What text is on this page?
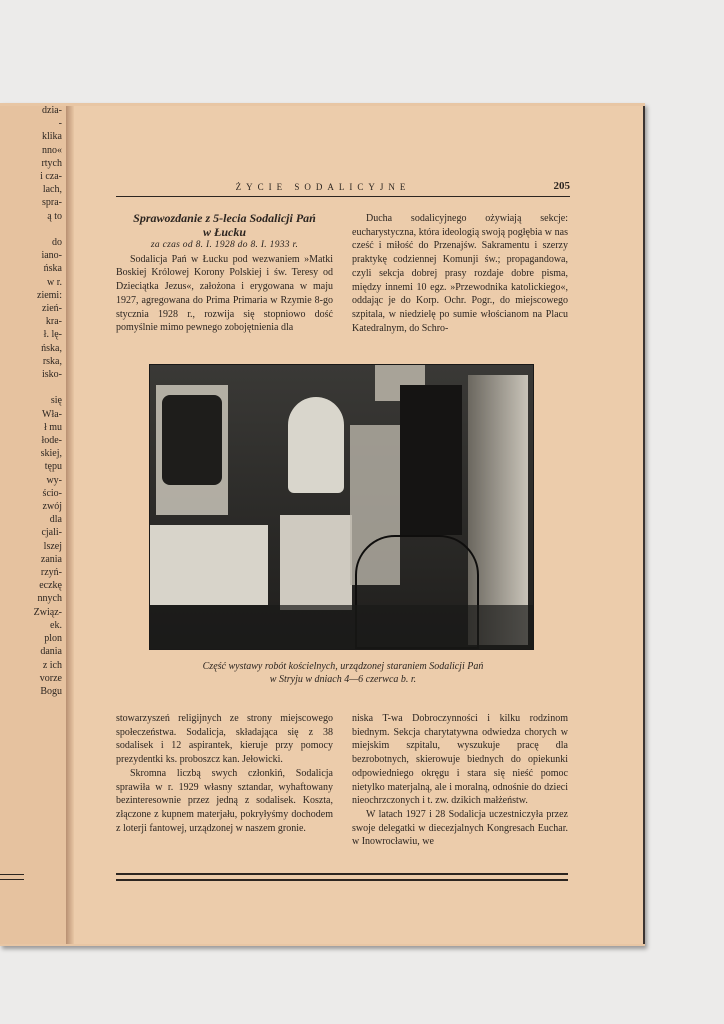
dzia-
-
klika
nno«
rtych
i cza-
lach,
spra-
ą to
do
iano-
ńska
w r.
ziemi:
zień-
kra-
ł. lę-
ńska,
rska,
isko-
się
Wła-
ł mu
łode-
skiej,
tępu
wy-
ścio-
zwój
dla
cjali-
lszej
zania
rzyń-
eczkę
nnych
Związ-
ek.
plon
dania
z ich
vorze
Bogu
ŻYCIE SODALICYJNE	205
Sprawozdanie z 5-lecia Sodalicji Pań
w Łucku
za czas od 8. I. 1928 do 8. I. 1933 r.

Sodalicja Pań w Łucku pod wezwaniem »Matki Boskiej Królowej Korony Polskiej i św. Teresy od Dzieciątka Jezus«, założona i erygowana w maju 1927, agregowana do Prima Primaria w Rzymie 8-go stycznia 1928 r., rozwija się stopniowo dość pomyślnie mimo pewnego zobojętnienia dla

Ducha sodalicyjnego ożywiają sekcje: eucharystyczna, która ideologią swoją pogłębia w nas cześć i miłość do Przenajśw. Sakramentu i szerzy praktykę codziennej Komunji św.; propagandowa, czyli sekcja dobrej prasy rozdaje dobre pisma, między innemi 10 egz. »Przewodnika katolickiego«, oddając je do Korp. Ochr. Pogr., do miejscowego szpitala, w niedzielę po sumie włościanom na Placu Katedralnym, do Schro-

Część wystawy robót kościelnych, urządzonej staraniem Sodalicji Pań
w Stryju w dniach 4—6 czerwca b. r.

stowarzyszeń religijnych ze strony miejscowego społeczeństwa. Sodalicja, składająca się z 38 sodalisek i 12 aspirantek, kieruje przy pomocy prezydentki ks. proboszcz kan. Jełowicki.

Skromna liczbą swych członkiń, Sodalicja sprawiła w r. 1929 własny sztandar, wyhaftowany bezinteresownie przez jedną z sodalisek. Koszta, złączone z kupnem materjału, pokryłyśmy dochodem z loterji fantowej, urządzonej w naszem gronie.

niska T-wa Dobroczynności i kilku rodzinom biednym. Sekcja charytatywna odwiedza chorych w miejskim szpitalu, wyszukuje pracę dla bezrobotnych, skierowuje biednych do opiekunki odpowiedniego okręgu i stara się nieść pomoc nietylko materjalną, ale i moralną, odnośnie do dzieci nieochrzczonych i t. zw. dzikich małżeństw.

W latach 1927 i 28 Sodalicja uczestniczyła przez swoje delegatki w diecezjalnych Kongresach Euchar. w Inowrocławiu, we
